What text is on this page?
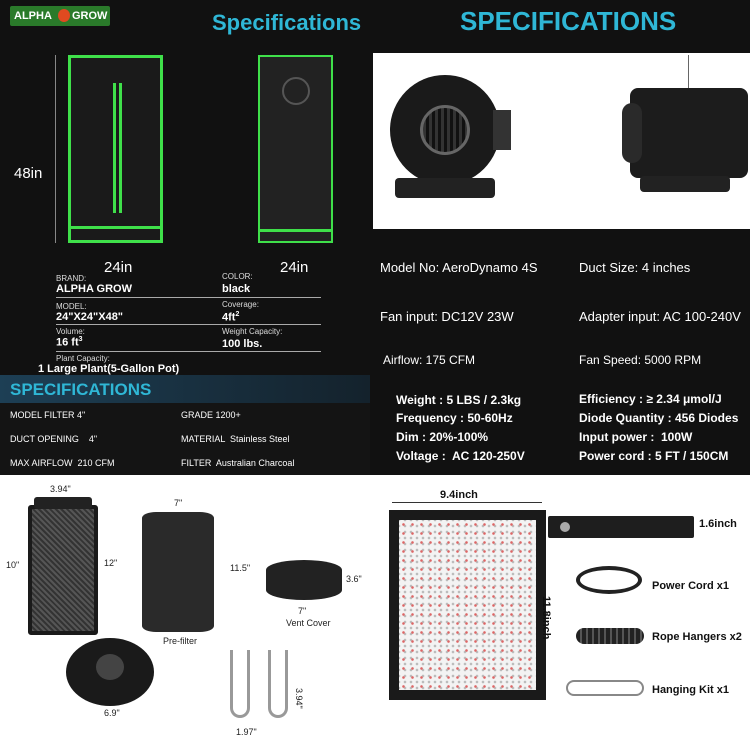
ALPHA GROW	Specifications
48in
24in	24in
BRAND:
ALPHA GROW
COLOR:
black
MODEL:
24"X24"X48"
Coverage:
$4ft^2$
Volume:
16 $ft^3$
Weight Capacity:
100 lbs.
Plant Capacity:
1 Large Plant(5-Gallon Pot)
SPECIFICATIONS
Model No: AeroDynamo 4S	Duct Size: 4 inches
Fan input: DC12V 23W	Adapter input: AC 100-240V
Airflow: 175 CFM	Fan Speed: 5000 RPM
SPECIFICATIONS
MODEL FILTER 4"	GRADE 1200+
DUCT OPENING    4"	MATERIAL  Stainless Steel
MAX AIRFLOW  210 CFM	FILTER  Australian Charcoal
Weight : 5 LBS / 2.3kg
Frequency : 50-60Hz
Dim : 20%-100%
Voltage :  AC 120-250V
Efficiency : ≥ 2.34 μmol/J
Diode Quantity : 456 Diodes
Input power :  100W
Power cord : 5 FT / 150CM
3.94"
10"	12"
7"
11.5"
Pre-filter
3.6"
7"
Vent Cover
6.9"
1.97"
3.94"
9.4inch
11.8inch
1.6inch
Power Cord x1
Rope Hangers x2
Hanging Kit x1
